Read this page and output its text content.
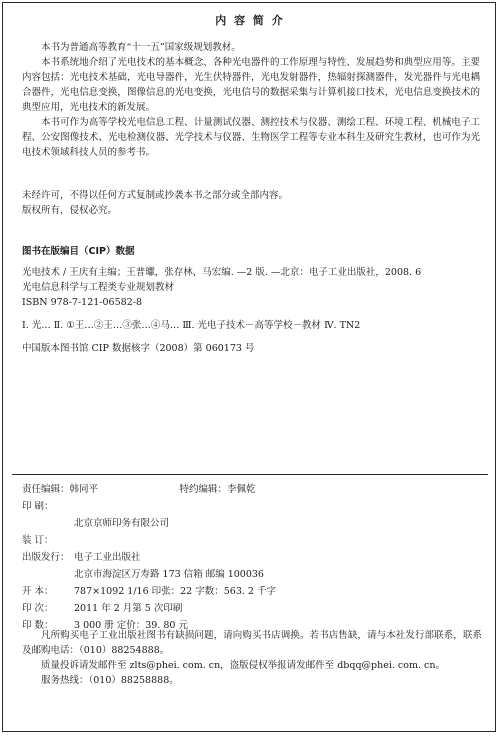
内 容 简 介

本书为普通高等教育“十一五”国家级规划教材。

本书系统地介绍了光电技术的基本概念、各种光电器件的工作原理与特性、发展趋势和典型应用等。主要内容包括：光电技术基础，光电导器件，光生伏特器件，光电发射器件，热辐射探测器件，发光器件与光电耦合器件，光电信息变换，图像信息的光电变换，光电信号的数据采集与计算机接口技术，光电信息变换技术的典型应用，光电技术的新发展。

本书可作为高等学校光电信息工程、计量测试仪器、测控技术与仪器、测绘工程、环境工程、机械电子工程、公安图像技术、光电检测仪器、光学技术与仪器、生物医学工程等专业本科生及研究生教材，也可作为光电技术领域科技人员的参考书。

未经许可，不得以任何方式复制或抄袭本书之部分或全部内容。

版权所有，侵权必究。

图书在版编目（CIP）数据

光电技术 / 王庆有主编；王普瓛，张存林，马宏编. —2 版. —北京：电子工业出版社，2008. 6

光电信息科学与工程类专业规划教材

ISBN 978-7-121-06582-8

Ⅰ. 光… Ⅱ. ①王…②王…③张…④马… Ⅲ. 光电子技术－高等学校－教材 Ⅳ. TN2

中国版本图书馆 CIP 数据核字（2008）第 060173 号

责任编辑： 韩同平	特约编辑： 李佩乾
印 刷：
北京京师印务有限公司
装 订：
出版发行： 电子工业出版社
北京市海淀区万寿路 173 信箱 邮编 100036
开 本：	787×1092 1/16 印张：22 字数：563. 2 千字
印 次：	2011 年 2 月第 5 次印刷
印 数：	3 000 册 定价：39. 80 元

凡所购买电子工业出版社图书有缺损问题，请向购买书店调换。若书店售缺，请与本社发行部联系，联系及邮购电话：（010）88254888。

质量投诉请发邮件至 zlts@phei. com. cn，盗版侵权举报请发邮件至 dbqq@phei. com. cn。

服务热线：（010）88258888。
